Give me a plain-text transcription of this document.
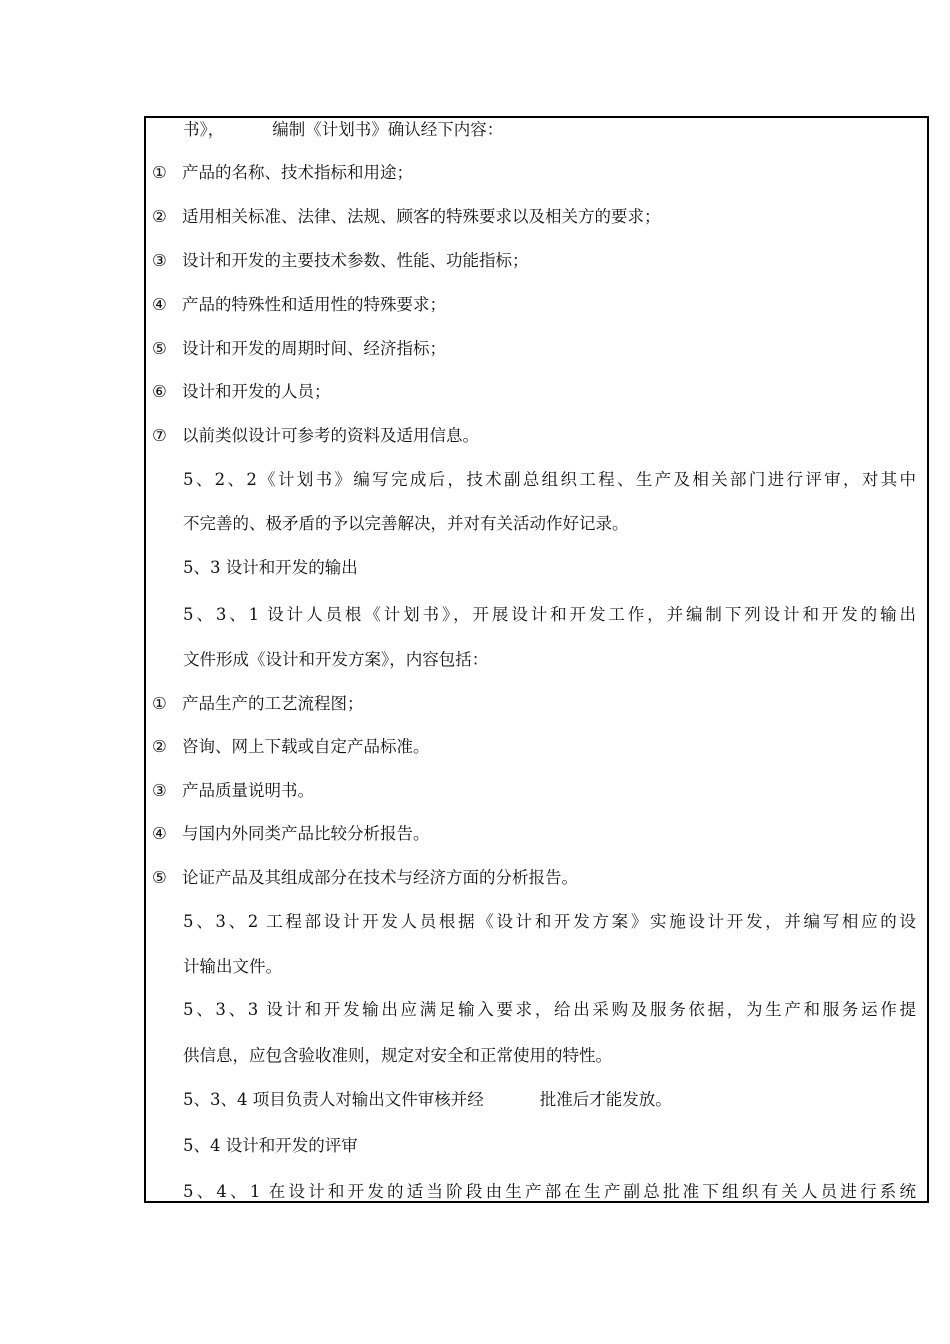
书》，	编制《计划书》确认经下内容：
① 产品的名称、技术指标和用途；
② 适用相关标准、法律、法规、顾客的特殊要求以及相关方的要求；
③ 设计和开发的主要技术参数、性能、功能指标；
④ 产品的特殊性和适用性的特殊要求；
⑤ 设计和开发的周期时间、经济指标；
⑥ 设计和开发的人员；
⑦ 以前类似设计可参考的资料及适用信息。
5、2、2《计划书》编写完成后，技术副总组织工程、生产及相关部门进行评审，对其中
不完善的、极矛盾的予以完善解决，并对有关活动作好记录。
5、3 设计和开发的输出
5、3、1 设计人员根《计划书》，开展设计和开发工作，并编制下列设计和开发的输出
文件形成《设计和开发方案》，内容包括：
① 产品生产的工艺流程图；
② 咨询、网上下载或自定产品标准。
③ 产品质量说明书。
④ 与国内外同类产品比较分析报告。
⑤ 论证产品及其组成部分在技术与经济方面的分析报告。
5、3、2 工程部设计开发人员根据《设计和开发方案》实施设计开发，并编写相应的设
计输出文件。
5、3、3 设计和开发输出应满足输入要求，给出采购及服务依据，为生产和服务运作提
供信息，应包含验收准则，规定对安全和正常使用的特性。
5、3、4 项目负责人对输出文件审核并经	批准后才能发放。
5、4 设计和开发的评审
5、4、1 在设计和开发的适当阶段由生产部在生产副总批准下组织有关人员进行系统
